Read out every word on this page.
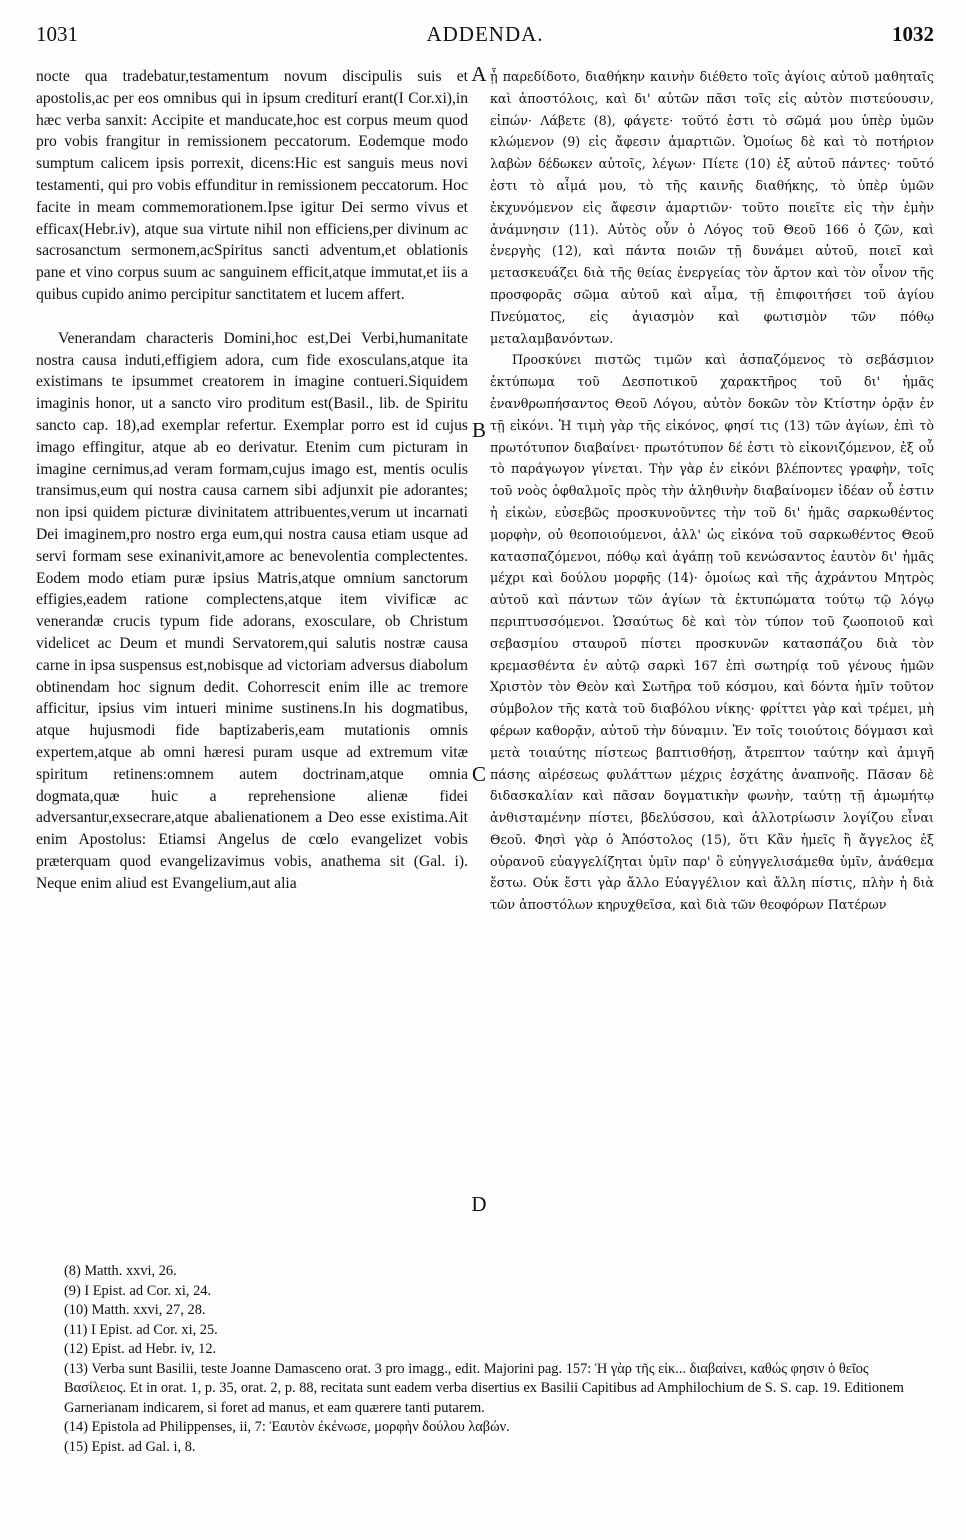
1031	ADDENDA.	1032

nocte qua tradebatur,testamentum novum discipulis suis et apostolis,ac per eos omnibus qui in ipsum crediturí erant(I Cor.xi),in hæc verba sanxit: Accipite et manducate,hoc est corpus meum quod pro vobis frangitur in remissionem peccatorum. Eodemque modo sumptum calicem ipsis porrexit, dicens:Hic est sanguis meus novi testamenti, qui pro vobis effunditur in remissionem peccatorum. Hoc facite in meam commemorationem.Ipse igitur Dei sermo vivus et efficax(Hebr.iv), atque sua virtute nihil non efficiens,per divinum ac sacrosanctum sermonem,acSpiritus sancti adventum,et oblationis pane et vino corpus suum ac sanguinem efficit,atque immutat,et iis a quibus cupido animo percipitur sanctitatem et lucem affert.

Venerandam characteris Domini,hoc est,Dei Verbi,humanitate nostra causa induti,effigiem adora, cum fide exosculans,atque ita existimans te ipsummet creatorem in imagine contueri.Siquidem imaginis honor, ut a sancto viro proditum est(Basil., lib. de Spiritu sancto cap. 18),ad exemplar refertur. Exemplar porro est id cujus imago effingitur, atque ab eo derivatur. Etenim cum picturam in imagine cernimus,ad veram formam,cujus imago est, mentis oculis transimus,eum qui nostra causa carnem sibi adjunxit pie adorantes; non ipsi quidem picturæ divinitatem attribuentes,verum ut incarnati Dei imaginem,pro nostro erga eum,qui nostra causa etiam usque ad servi formam sese exinanivit,amore ac benevolentia complectentes. Eodem modo etiam puræ ipsius Matris,atque omnium sanctorum effigies,eadem ratione complectens,atque item vivificæ ac venerandæ crucis typum fide adorans, exosculare, ob Christum videlicet ac Deum et mundi Servatorem,qui salutis nostræ causa carne in ipsa suspensus est,nobisque ad victoriam adversus diabolum obtinendam hoc signum dedit. Cohorrescit enim ille ac tremore afficitur, ipsius vim intueri minime sustinens.In his dogmatibus, atque hujusmodi fide baptizaberis,eam mutationis omnis expertem,atque ab omni hæresi puram usque ad extremum vitæ spiritum retinens:omnem autem doctrinam,atque omnia dogmata,quæ huic a reprehensione alienæ fidei adversantur,exsecrare,atque abalienationem a Deo esse existima.Ait enim Apostolus: Etiamsi Angelus de cœlo evangelizet vobis præterquam quod evangelizavimus vobis, anathema sit (Gal. i). Neque enim aliud est Evangelium,aut alia

A
B
C
D

ᾗ παρεδίδοτο, διαθήκην καινὴν διέθετο τοῖς ἁγίοις αὐτοῦ μαθηταῖς καὶ ἀποστόλοις, καὶ δι' αὐτῶν πᾶσι τοῖς εἰς αὐτὸν πιστεύουσιν, εἰπών· Λάβετε (8), φάγετε· τοῦτό ἐστι τὸ σῶμά μου ὑπὲρ ὑμῶν κλώμενον (9) εἰς ἄφεσιν ἁμαρτιῶν. Ὁμοίως δὲ καὶ τὸ ποτήριον λαβὼν δέδωκεν αὐτοῖς, λέγων· Πίετε (10) ἐξ αὐτοῦ πάντες· τοῦτό ἐστι τὸ αἷμά μου, τὸ τῆς καινῆς διαθήκης, τὸ ὑπὲρ ὑμῶν ἐκχυνόμενον εἰς ἄφεσιν ἁμαρτιῶν· τοῦτο ποιεῖτε εἰς τὴν ἐμὴν ἀνάμνησιν (11). Αὐτὸς οὖν ὁ Λόγος τοῦ Θεοῦ 166 ὁ ζῶν, καὶ ἐνεργὴς (12), καὶ πάντα ποιῶν τῇ δυνάμει αὐτοῦ, ποιεῖ καὶ μετασκευάζει διὰ τῆς θείας ἐνεργείας τὸν ἄρτον καὶ τὸν οἶνον τῆς προσφορᾶς σῶμα αὐτοῦ καὶ αἷμα, τῇ ἐπιφοιτήσει τοῦ ἁγίου Πνεύματος, εἰς ἁγιασμὸν καὶ φωτισμὸν τῶν πόθῳ μεταλαμβανόντων.

Προσκύνει πιστῶς τιμῶν καὶ ἀσπαζόμενος τὸ σεβάσμιον ἐκτύπωμα τοῦ Δεσποτικοῦ χαρακτῆρος τοῦ δι' ἡμᾶς ἐνανθρωπήσαντος Θεοῦ Λόγου, αὐτὸν δοκῶν τὸν Κτίστην ὁρᾷν ἐν τῇ εἰκόνι. Ἡ τιμὴ γὰρ τῆς εἰκόνος, φησί τις (13) τῶν ἁγίων, ἐπὶ τὸ πρωτότυπον διαβαίνει· πρωτότυπον δέ ἐστι τὸ εἰκονιζόμενον, ἐξ οὗ τὸ παράγωγον γίνεται. Τὴν γὰρ ἐν εἰκόνι βλέποντες γραφὴν, τοῖς τοῦ νοὸς ὀφθαλμοῖς πρὸς τὴν ἀληθινὴν διαβαίνομεν ἰδέαν οὗ ἐστιν ἡ εἰκὼν, εὐσεβῶς προσκυνοῦντες τὴν τοῦ δι' ἡμᾶς σαρκωθέντος μορφὴν, οὐ θεοποιούμενοι, ἀλλ' ὡς εἰκόνα τοῦ σαρκωθέντος Θεοῦ κατασπαζόμενοι, πόθῳ καὶ ἀγάπῃ τοῦ κενώσαντος ἑαυτὸν δι' ἡμᾶς μέχρι καὶ δούλου μορφῆς (14)· ὁμοίως καὶ τῆς ἀχράντου Μητρὸς αὐτοῦ καὶ πάντων τῶν ἁγίων τὰ ἐκτυπώματα τούτῳ τῷ λόγῳ περιπτυσσόμενοι. Ὡσαύτως δὲ καὶ τὸν τύπον τοῦ ζωοποιοῦ καὶ σεβασμίου σταυροῦ πίστει προσκυνῶν κατασπάζου διὰ τὸν κρεμασθέντα ἐν αὐτῷ σαρκὶ 167 ἐπὶ σωτηρίᾳ τοῦ γένους ἡμῶν Χριστὸν τὸν Θεὸν καὶ Σωτῆρα τοῦ κόσμου, καὶ δόντα ἡμῖν τοῦτον σύμβολον τῆς κατὰ τοῦ διαβόλου νίκης· φρίττει γὰρ καὶ τρέμει, μὴ φέρων καθορᾷν, αὐτοῦ τὴν δύναμιν. Ἐν τοῖς τοιούτοις δόγμασι καὶ μετὰ τοιαύτης πίστεως βαπτισθήσῃ, ἄτρεπτον ταύτην καὶ ἀμιγῆ πάσης αἱρέσεως φυλάττων μέχρις ἐσχάτης ἀναπνοῆς. Πᾶσαν δὲ διδασκαλίαν καὶ πᾶσαν δογματικὴν φωνὴν, ταύτῃ τῇ ἀμωμήτῳ ἀνθισταμένην πίστει, βδελύσσου, καὶ ἀλλοτρίωσιν λογίζου εἶναι Θεοῦ. Φησὶ γὰρ ὁ Ἀπόστολος (15), ὅτι Κἂν ἡμεῖς ἢ ἄγγελος ἐξ οὐρανοῦ εὐαγγελίζηται ὑμῖν παρ' ὃ εὐηγγελισάμεθα ὑμῖν, ἀνάθεμα ἔστω. Οὐκ ἔστι γὰρ ἄλλο Εὐαγγέλιον καὶ ἄλλη πίστις, πλὴν ἡ διὰ τῶν ἀποστόλων κηρυχθεῖσα, καὶ διὰ τῶν θεοφόρων Πατέρων

(8) Matth. xxvi, 26.
(9) I Epist. ad Cor. xi, 24.
(10) Matth. xxvi, 27, 28.
(11) I Epist. ad Cor. xi, 25.
(12) Epist. ad Hebr. iv, 12.
(13) Verba sunt Basilii, teste Joanne Damasceno orat. 3 pro imagg., edit. Majorini pag. 157: Ἡ γὰρ τῆς εἰκ... διαβαίνει, καθώς φησιν ὁ θεῖος Βασίλειος. Et in orat. 1, p. 35, orat. 2, p. 88, recitata sunt eadem verba disertius ex Basilii Capitibus ad Amphilochium de S. S. cap. 19. Editionem Garnerianam indicarem, si foret ad manus, et eam quærere tanti putarem.
(14) Epistola ad Philippenses, ii, 7: Ἑαυτὸν ἐκένωσε, μορφὴν δούλου λαβών.
(15) Epist. ad Gal. i, 8.
